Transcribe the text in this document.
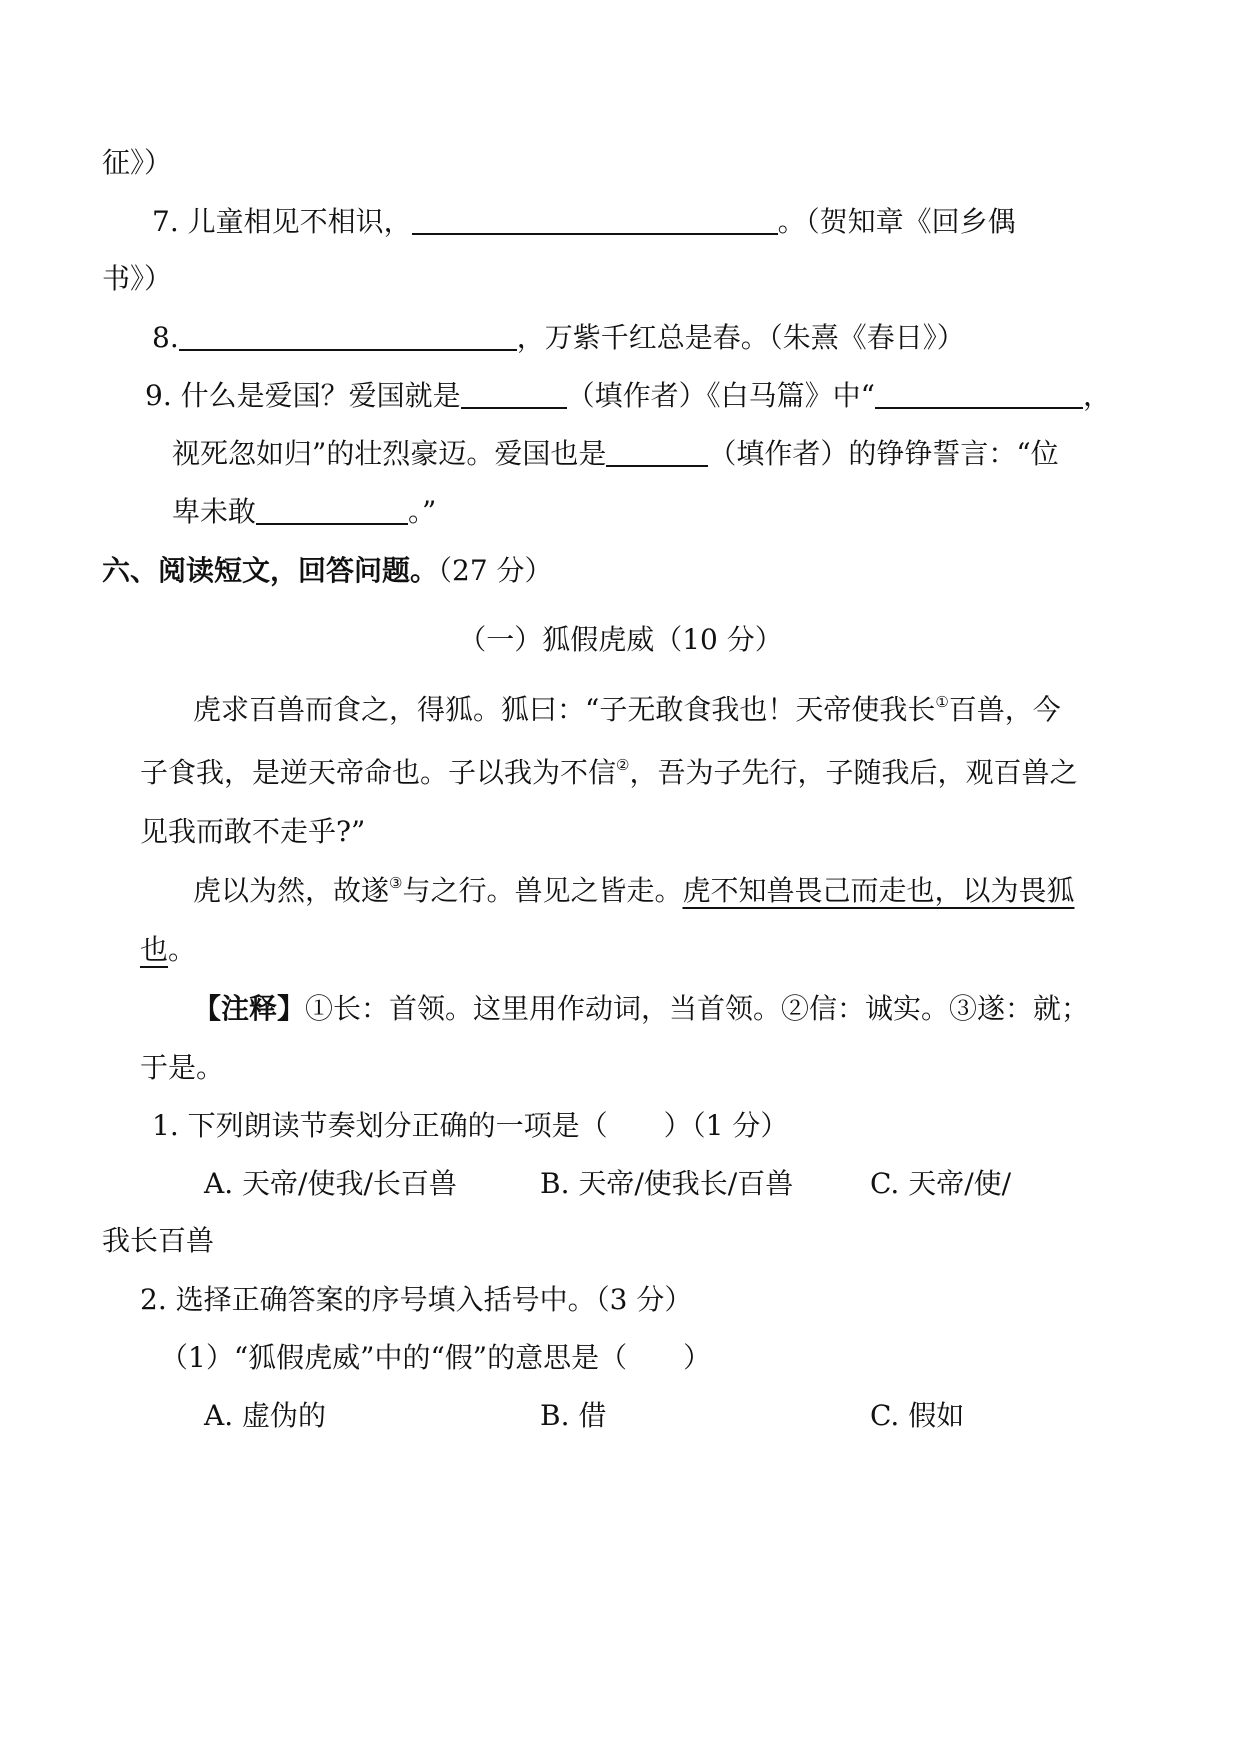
征》）
7. 儿童相见不相识，	。（贺知章《回乡偶
书》）
8.	，万紫千红总是春。（朱熹《春日》）
9. 什么是爱国？爱国就是	（填作者）《白马篇》中“	，
视死忽如归”的壮烈豪迈。爱国也是	（填作者）的铮铮誓言：“位
卑未敢	。”
六、阅读短文，回答问题。（27 分）
（一）狐假虎威（10 分）
虎求百兽而食之，得狐。狐曰：“子无敢食我也！天帝使我长①百兽，今
子食我，是逆天帝命也。子以我为不信②，吾为子先行，子随我后，观百兽之
见我而敢不走乎?”
虎以为然，故遂③与之行。兽见之皆走。虎不知兽畏己而走也，以为畏狐
也。
【注释】①长：首领。这里用作动词，当首领。②信：诚实。③遂：就；
于是。
1. 下列朗读节奏划分正确的一项是（　　）（1 分）
A. 天帝/使我/长百兽	B. 天帝/使我长/百兽	C. 天帝/使/
我长百兽
2. 选择正确答案的序号填入括号中。（3 分）
（1）“狐假虎威”中的“假”的意思是（　　）
A. 虚伪的	B. 借	C. 假如
